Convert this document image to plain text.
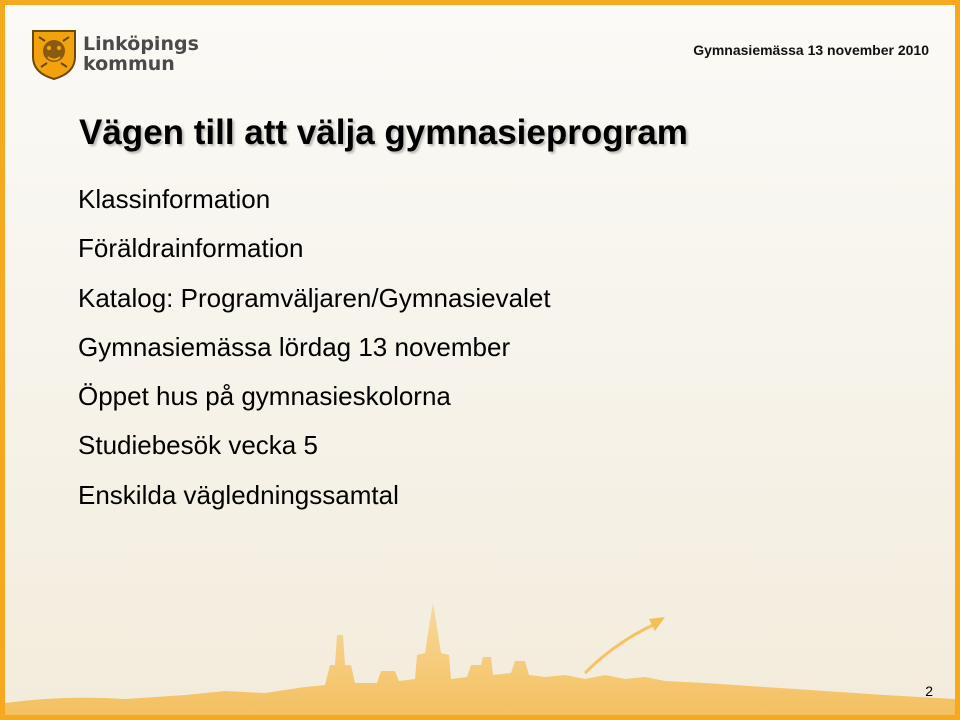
Linköpings
kommun
Gymnasiemässa 13 november 2010
Vägen till att välja gymnasieprogram
Klassinformation
Föräldrainformation
Katalog: Programväljaren/Gymnasievalet
Gymnasiemässa lördag 13 november
Öppet hus på gymnasieskolorna
Studiebesök vecka 5
Enskilda vägledningssamtal
2
